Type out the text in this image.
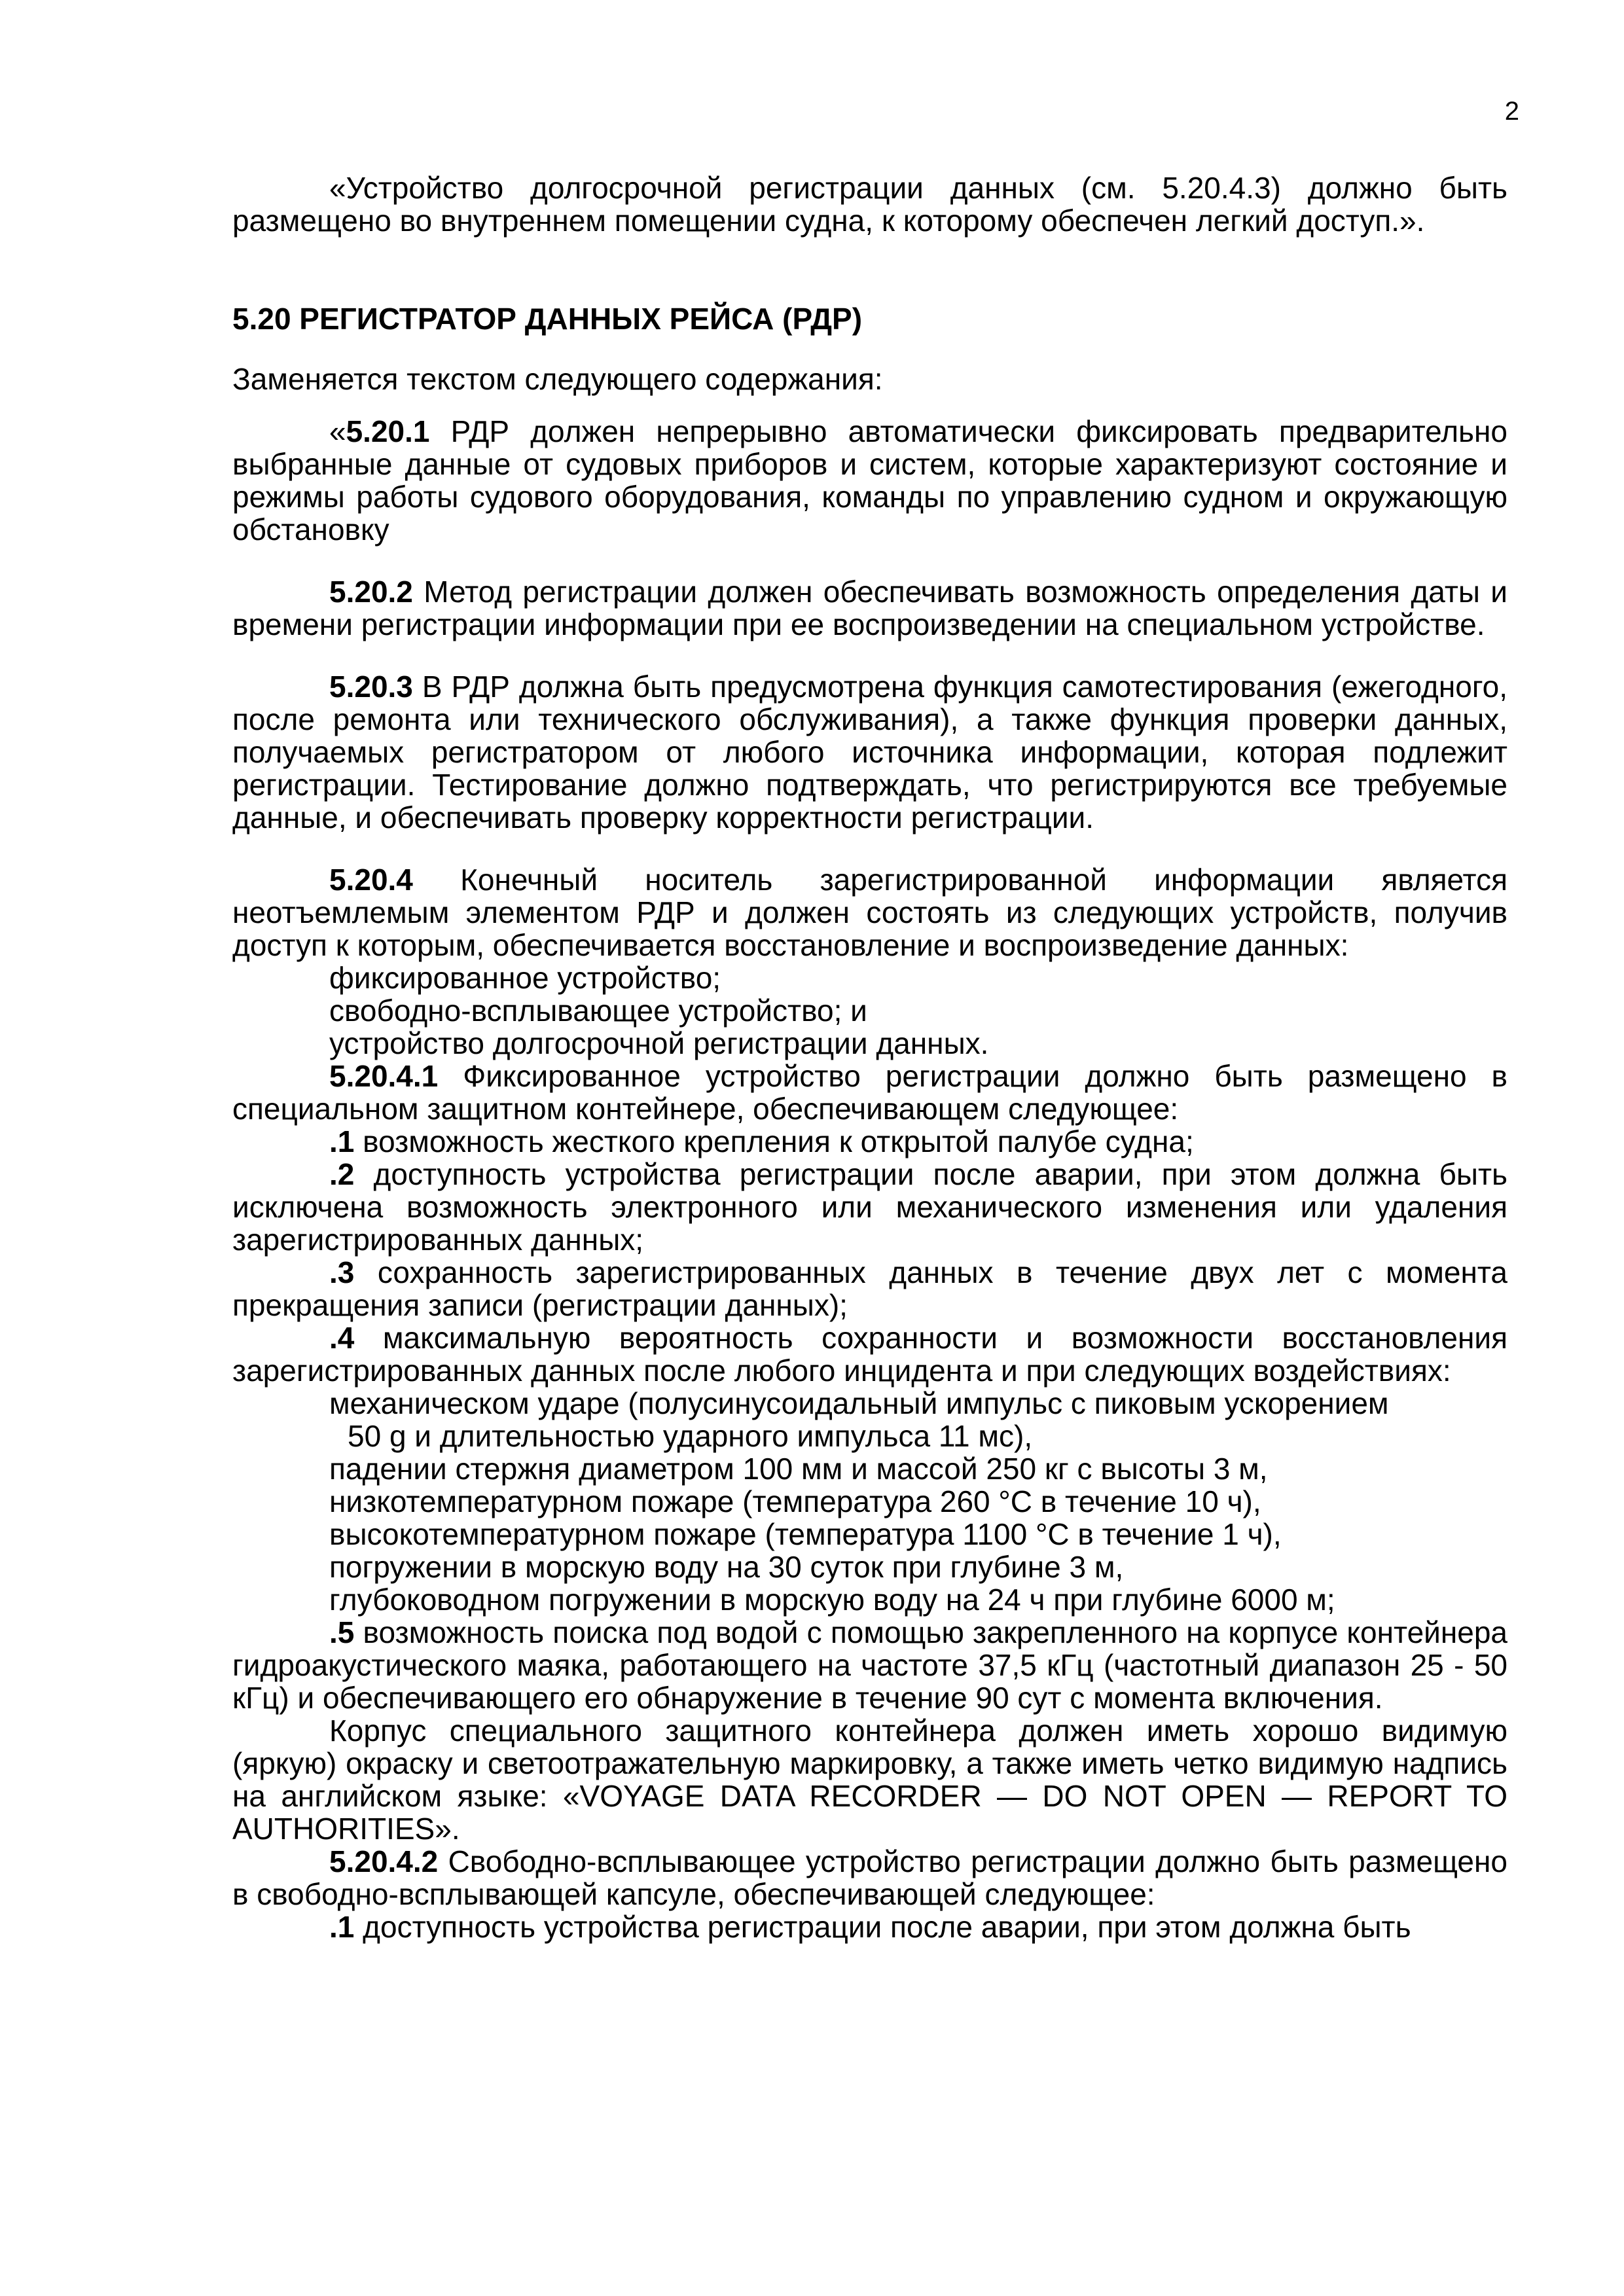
2

«Устройство долгосрочной регистрации данных (см. 5.20.4.3) должно быть размещено во внутреннем помещении судна, к которому обеспечен легкий доступ.».

5.20 РЕГИСТРАТОР ДАННЫХ РЕЙСА (РДР)

Заменяется текстом следующего содержания:

«5.20.1 РДР должен непрерывно автоматически фиксировать предварительно выбранные данные от судовых приборов и систем, которые характеризуют состояние и режимы работы судового оборудования, команды по управлению судном и окружающую обстановку

5.20.2 Метод регистрации должен обеспечивать возможность определения даты и времени регистрации информации при ее воспроизведении на специальном устройстве.

5.20.3 В РДР должна быть предусмотрена функция самотестирования (ежегодного, после ремонта или технического обслуживания), а также функция проверки данных, получаемых регистратором от любого источника информации, которая подлежит регистрации. Тестирование должно подтверждать, что регистрируются все требуемые данные, и обеспечивать проверку корректности регистрации.

5.20.4 Конечный носитель зарегистрированной информации является неотъемлемым элементом РДР и должен состоять из следующих устройств, получив доступ к которым, обеспечивается восстановление и воспроизведение данных:

фиксированное устройство;

свободно-всплывающее устройство; и

устройство долгосрочной регистрации данных.

5.20.4.1 Фиксированное устройство регистрации должно быть размещено в специальном защитном контейнере, обеспечивающем следующее:

.1 возможность жесткого крепления к открытой палубе судна;

.2 доступность устройства регистрации после аварии, при этом должна быть исключена возможность электронного или механического изменения или удаления зарегистрированных данных;

.3 сохранность зарегистрированных данных в течение двух лет с момента прекращения записи (регистрации данных);

.4 максимальную вероятность сохранности и возможности восстановления зарегистрированных данных после любого инцидента и при следующих воздействиях:

механическом ударе (полусинусоидальный импульс с пиковым ускорением
50 g и длительностью ударного импульса 11 мс),

падении стержня диаметром 100 мм и массой 250 кг с высоты 3 м,

низкотемпературном пожаре (температура 260 °С в течение 10 ч),

высокотемпературном пожаре (температура 1100 °С в течение 1 ч),

погружении в морскую воду на 30 суток при глубине 3 м,

глубоководном погружении в морскую воду на 24 ч при глубине 6000 м;

.5 возможность поиска под водой с помощью закрепленного на корпусе контейнера гидроакустического маяка, работающего на частоте 37,5 кГц (частотный диапазон 25 - 50 кГц) и обеспечивающего его обнаружение в течение 90 сут с момента включения.

Корпус специального защитного контейнера должен иметь хорошо видимую (яркую) окраску и светоотражательную маркировку, а также иметь четко видимую надпись на английском языке: «VOYAGE DATA RECORDER — DO NOT OPEN — REPORT TO AUTHORITIES».

5.20.4.2 Свободно-всплывающее устройство регистрации должно быть размещено в свободно-всплывающей капсуле, обеспечивающей следующее:

.1 доступность устройства регистрации после аварии, при этом должна быть
